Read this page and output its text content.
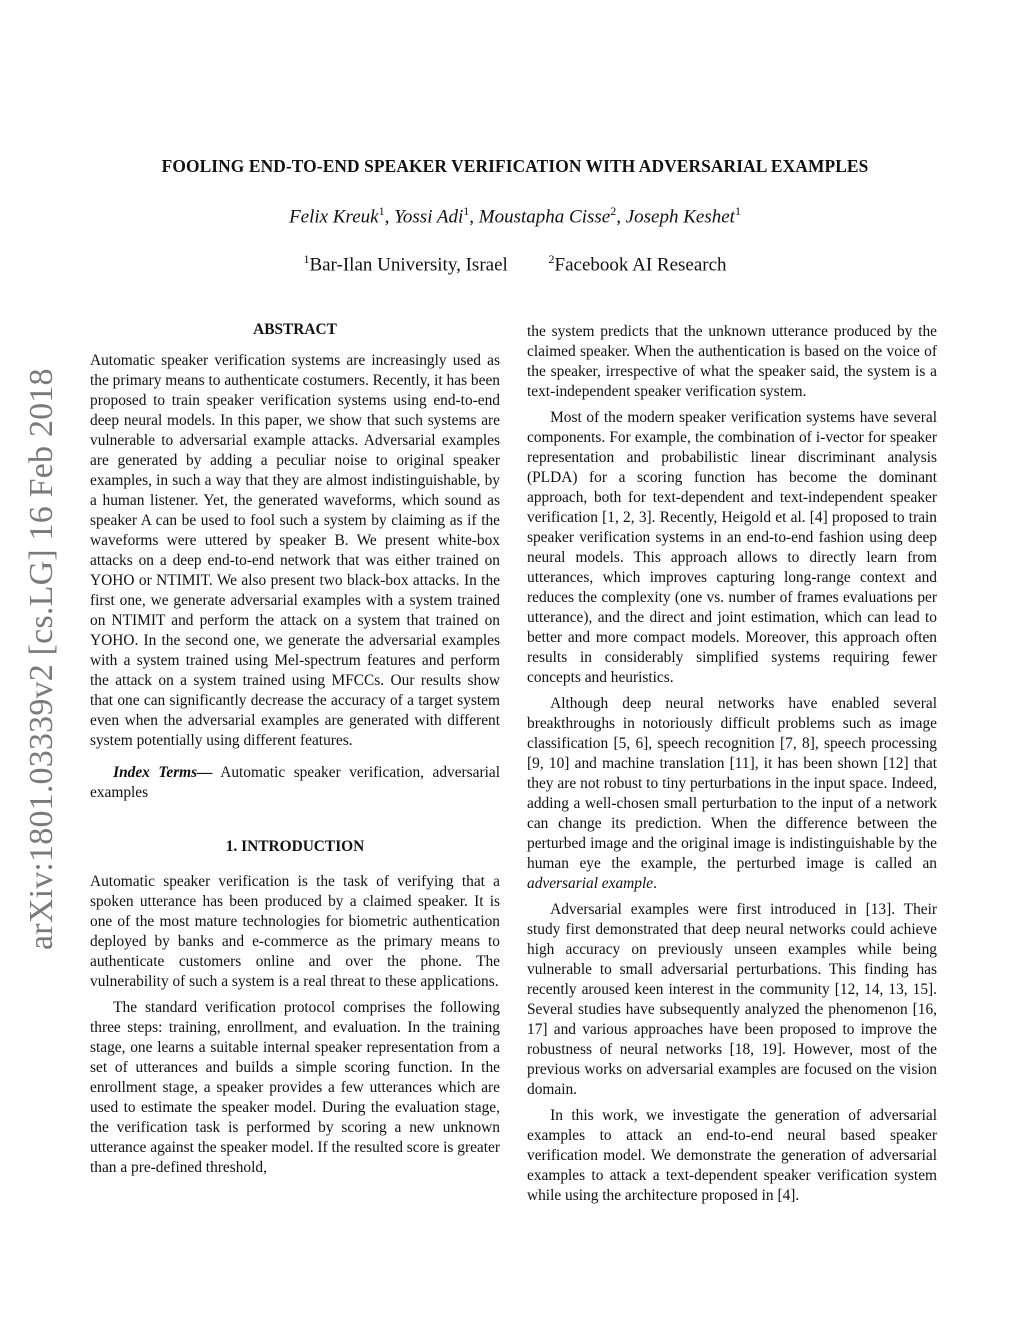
arXiv:1801.03339v2 [cs.LG] 16 Feb 2018
FOOLING END-TO-END SPEAKER VERIFICATION WITH ADVERSARIAL EXAMPLES
Felix Kreuk$^1$, Yossi Adi$^1$, Moustapha Cisse$^2$, Joseph Keshet$^1$
$^1$Bar-Ilan University, Israel	$^2$Facebook AI Research
ABSTRACT

Automatic speaker verification systems are increasingly used as the primary means to authenticate costumers. Recently, it has been proposed to train speaker verification systems using end-to-end deep neural models. In this paper, we show that such systems are vulnerable to adversarial example attacks. Adversarial examples are generated by adding a peculiar noise to original speaker examples, in such a way that they are almost indistinguishable, by a human listener. Yet, the generated waveforms, which sound as speaker A can be used to fool such a system by claiming as if the waveforms were uttered by speaker B. We present white-box attacks on a deep end-to-end network that was either trained on YOHO or NTIMIT. We also present two black-box attacks. In the first one, we generate adversarial examples with a system trained on NTIMIT and perform the attack on a system that trained on YOHO. In the second one, we generate the adversarial examples with a system trained using Mel-spectrum features and perform the attack on a system trained using MFCCs. Our results show that one can significantly decrease the accuracy of a target system even when the adversarial examples are generated with different system potentially using different features.

Index Terms— Automatic speaker verification, adversarial examples

1. INTRODUCTION

Automatic speaker verification is the task of verifying that a spoken utterance has been produced by a claimed speaker. It is one of the most mature technologies for biometric authentication deployed by banks and e-commerce as the primary means to authenticate customers online and over the phone. The vulnerability of such a system is a real threat to these applications.

The standard verification protocol comprises the following three steps: training, enrollment, and evaluation. In the training stage, one learns a suitable internal speaker representation from a set of utterances and builds a simple scoring function. In the enrollment stage, a speaker provides a few utterances which are used to estimate the speaker model. During the evaluation stage, the verification task is performed by scoring a new unknown utterance against the speaker model. If the resulted score is greater than a pre-defined threshold,

the system predicts that the unknown utterance produced by the claimed speaker. When the authentication is based on the voice of the speaker, irrespective of what the speaker said, the system is a text-independent speaker verification system.

Most of the modern speaker verification systems have several components. For example, the combination of i-vector for speaker representation and probabilistic linear discriminant analysis (PLDA) for a scoring function has become the dominant approach, both for text-dependent and text-independent speaker verification [1, 2, 3]. Recently, Heigold et al. [4] proposed to train speaker verification systems in an end-to-end fashion using deep neural models. This approach allows to directly learn from utterances, which improves capturing long-range context and reduces the complexity (one vs. number of frames evaluations per utterance), and the direct and joint estimation, which can lead to better and more compact models. Moreover, this approach often results in considerably simplified systems requiring fewer concepts and heuristics.

Although deep neural networks have enabled several breakthroughs in notoriously difficult problems such as image classification [5, 6], speech recognition [7, 8], speech processing [9, 10] and machine translation [11], it has been shown [12] that they are not robust to tiny perturbations in the input space. Indeed, adding a well-chosen small perturbation to the input of a network can change its prediction. When the difference between the perturbed image and the original image is indistinguishable by the human eye the example, the perturbed image is called an adversarial example.

Adversarial examples were first introduced in [13]. Their study first demonstrated that deep neural networks could achieve high accuracy on previously unseen examples while being vulnerable to small adversarial perturbations. This finding has recently aroused keen interest in the community [12, 14, 13, 15]. Several studies have subsequently analyzed the phenomenon [16, 17] and various approaches have been proposed to improve the robustness of neural networks [18, 19]. However, most of the previous works on adversarial examples are focused on the vision domain.

In this work, we investigate the generation of adversarial examples to attack an end-to-end neural based speaker verification model. We demonstrate the generation of adversarial examples to attack a text-dependent speaker verification system while using the architecture proposed in [4].
